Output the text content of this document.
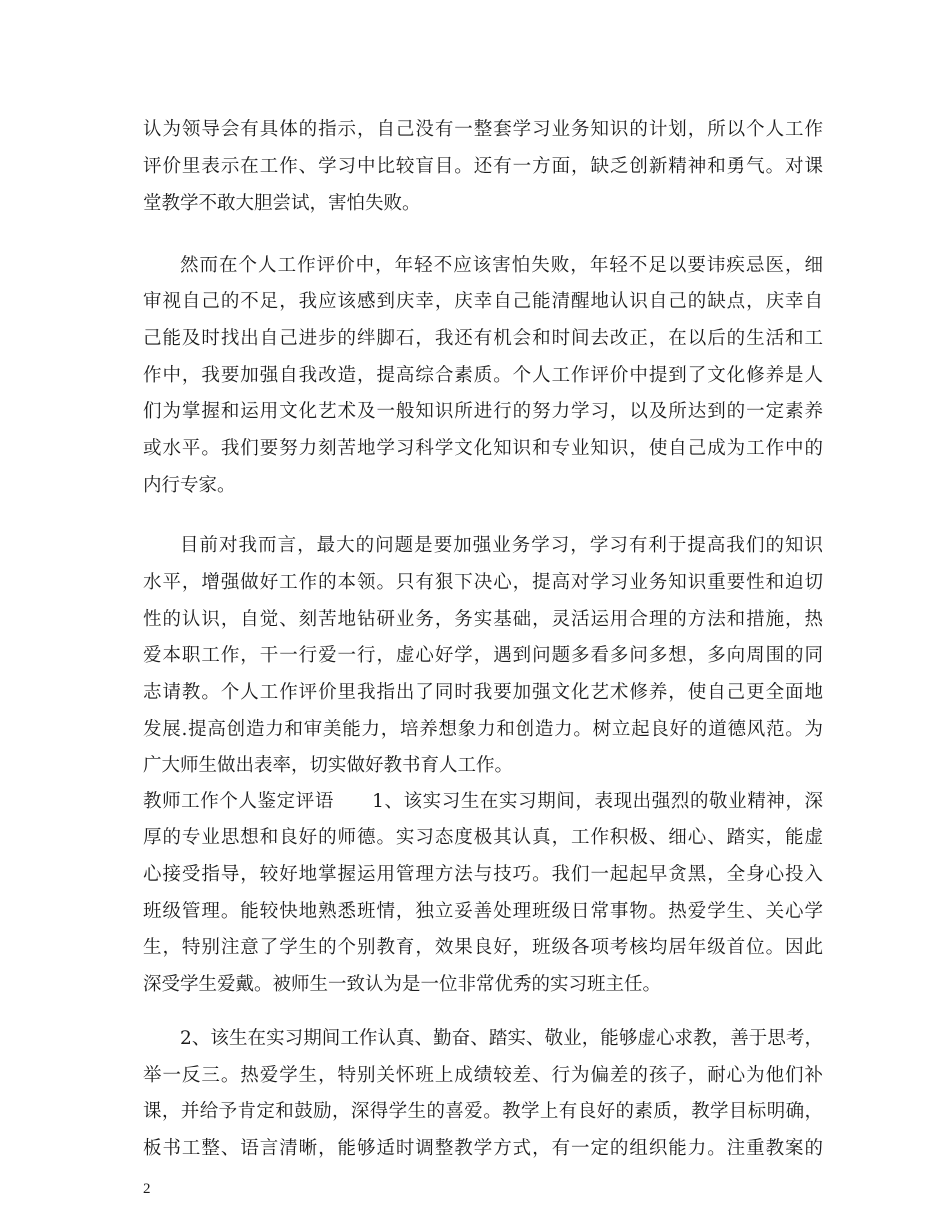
认为领导会有具体的指示，自己没有一整套学习业务知识的计划，所以个人工作
评价里表示在工作、学习中比较盲目。还有一方面，缺乏创新精神和勇气。对课
堂教学不敢大胆尝试，害怕失败。
然而在个人工作评价中，年轻不应该害怕失败，年轻不足以要讳疾忌医，细
审视自己的不足，我应该感到庆幸，庆幸自己能清醒地认识自己的缺点，庆幸自
己能及时找出自己进步的绊脚石，我还有机会和时间去改正，在以后的生活和工
作中，我要加强自我改造，提高综合素质。个人工作评价中提到了文化修养是人
们为掌握和运用文化艺术及一般知识所进行的努力学习，以及所达到的一定素养
或水平。我们要努力刻苦地学习科学文化知识和专业知识，使自己成为工作中的
内行专家。
目前对我而言，最大的问题是要加强业务学习，学习有利于提高我们的知识
水平，增强做好工作的本领。只有狠下决心，提高对学习业务知识重要性和迫切
性的认识，自觉、刻苦地钻研业务，务实基础，灵活运用合理的方法和措施，热
爱本职工作，干一行爱一行，虚心好学，遇到问题多看多问多想，多向周围的同
志请教。个人工作评价里我指出了同时我要加强文化艺术修养，使自己更全面地
发展.提高创造力和审美能力，培养想象力和创造力。树立起良好的道德风范。为
广大师生做出表率，切实做好教书育人工作。
教师工作个人鉴定评语　　1、该实习生在实习期间，表现出强烈的敬业精神，深
厚的专业思想和良好的师德。实习态度极其认真，工作积极、细心、踏实，能虚
心接受指导，较好地掌握运用管理方法与技巧。我们一起起早贪黑，全身心投入
班级管理。能较快地熟悉班情，独立妥善处理班级日常事物。热爱学生、关心学
生，特别注意了学生的个别教育，效果良好，班级各项考核均居年级首位。因此
深受学生爱戴。被师生一致认为是一位非常优秀的实习班主任。
2、该生在实习期间工作认真、勤奋、踏实、敬业，能够虚心求教，善于思考，
举一反三。热爱学生，特别关怀班上成绩较差、行为偏差的孩子，耐心为他们补
课，并给予肯定和鼓励，深得学生的喜爱。教学上有良好的素质，教学目标明确，
板书工整、语言清晰，能够适时调整教学方式，有一定的组织能力。注重教案的
2
